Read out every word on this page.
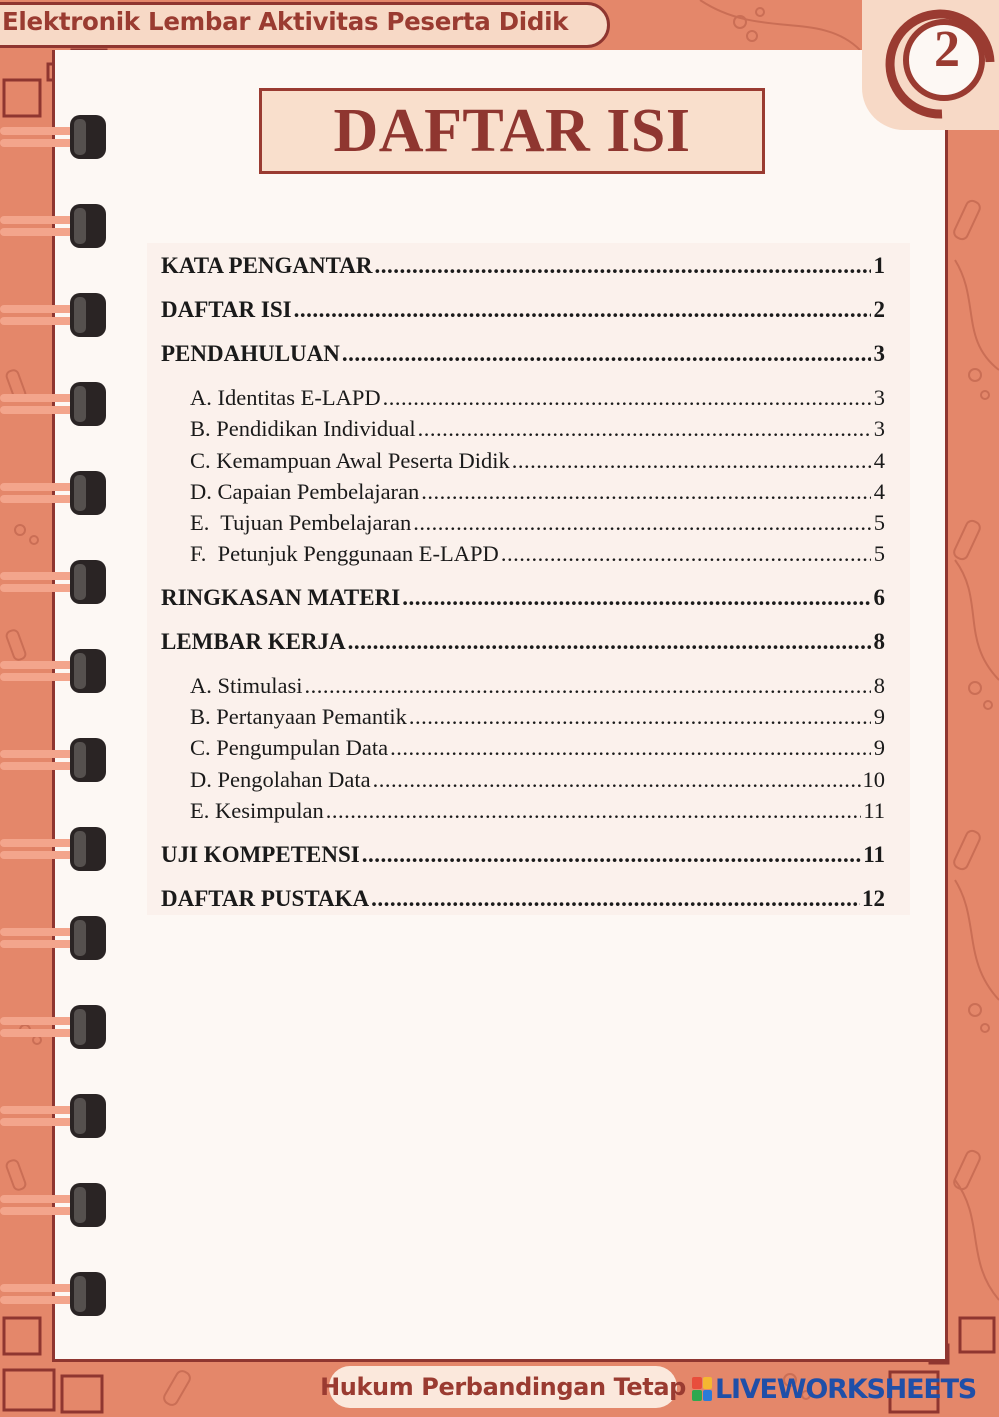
Elektronik Lembar Aktivitas Peserta Didik	2
DAFTAR ISI
KATA PENGANTAR .....	1
DAFTAR ISI .....	2
PENDAHULUAN .....	3
A. Identitas E-LAPD .....	3
B. Pendidikan Individual .....	3
C. Kemampuan Awal Peserta Didik .....	4
D. Capaian Pembelajaran .....	4
E.  Tujuan Pembelajaran .....	5
F.  Petunjuk Penggunaan E-LAPD .....	5
RINGKASAN MATERI .....	6
LEMBAR KERJA .....	8
A. Stimulasi .....	8
B. Pertanyaan Pemantik .....	9
C. Pengumpulan Data .....	9
D. Pengolahan Data .....	10
E. Kesimpulan .....	11
UJI KOMPETENSI .....	11
DAFTAR PUSTAKA .....	12
Hukum Perbandingan Tetap LIVEWORKSHEETS
